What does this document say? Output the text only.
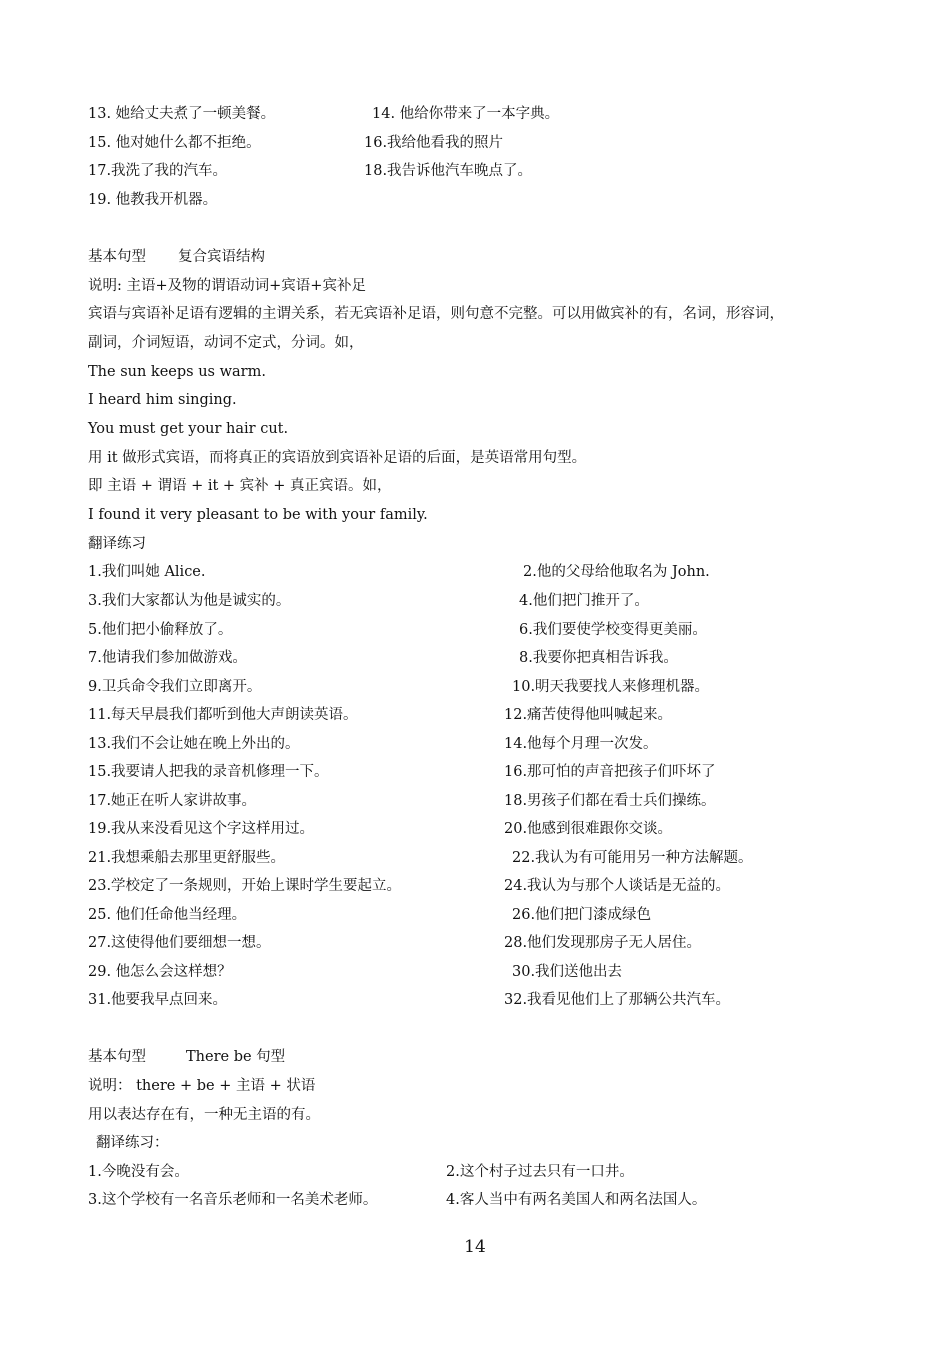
13. 她给丈夫煮了一顿美餐。	14. 他给你带来了一本字典。
15. 他对她什么都不拒绝。	16.我给他看我的照片
17.我洗了我的汽车。	18.我告诉他汽车晚点了。
19. 他教我开机器。
基本句型 复合宾语结构
说明: 主语+及物的谓语动词+宾语+宾补足
宾语与宾语补足语有逻辑的主谓关系，若无宾语补足语，则句意不完整。可以用做宾补的有，名词，形容词，
副词，介词短语，动词不定式，分词。如，
The sun keeps us warm.
I heard him singing.
You must get your hair cut.
用 it 做形式宾语，而将真正的宾语放到宾语补足语的后面，是英语常用句型。
即 主语 + 谓语 + it + 宾补 + 真正宾语。如，
I found it very pleasant to be with your family.
翻译练习
1.我们叫她 Alice.	2.他的父母给他取名为 John.
3.我们大家都认为他是诚实的。	4.他们把门推开了。
5.他们把小偷释放了。	6.我们要使学校变得更美丽。
7.他请我们参加做游戏。	8.我要你把真相告诉我。
9.卫兵命令我们立即离开。	10.明天我要找人来修理机器。
11.每天早晨我们都听到他大声朗读英语。	12.痛苦使得他叫喊起来。
13.我们不会让她在晚上外出的。	14.他每个月理一次发。
15.我要请人把我的录音机修理一下。	16.那可怕的声音把孩子们吓坏了
17.她正在听人家讲故事。	18.男孩子们都在看士兵们操练。
19.我从来没看见这个字这样用过。	20.他感到很难跟你交谈。
21.我想乘船去那里更舒服些。	22.我认为有可能用另一种方法解题。
23.学校定了一条规则，开始上课时学生要起立。	24.我认为与那个人谈话是无益的。
25. 他们任命他当经理。	26.他们把门漆成绿色
27.这使得他们要细想一想。	28.他们发现那房子无人居住。
29. 他怎么会这样想？	30.我们送他出去
31.他要我早点回来。	32.我看见他们上了那辆公共汽车。
基本句型	There be 句型
说明： there + be + 主语 + 状语
用以表达存在有，一种无主语的有。
翻译练习：
1.今晚没有会。	2.这个村子过去只有一口井。
3.这个学校有一名音乐老师和一名美术老师。	4.客人当中有两名美国人和两名法国人。
14
